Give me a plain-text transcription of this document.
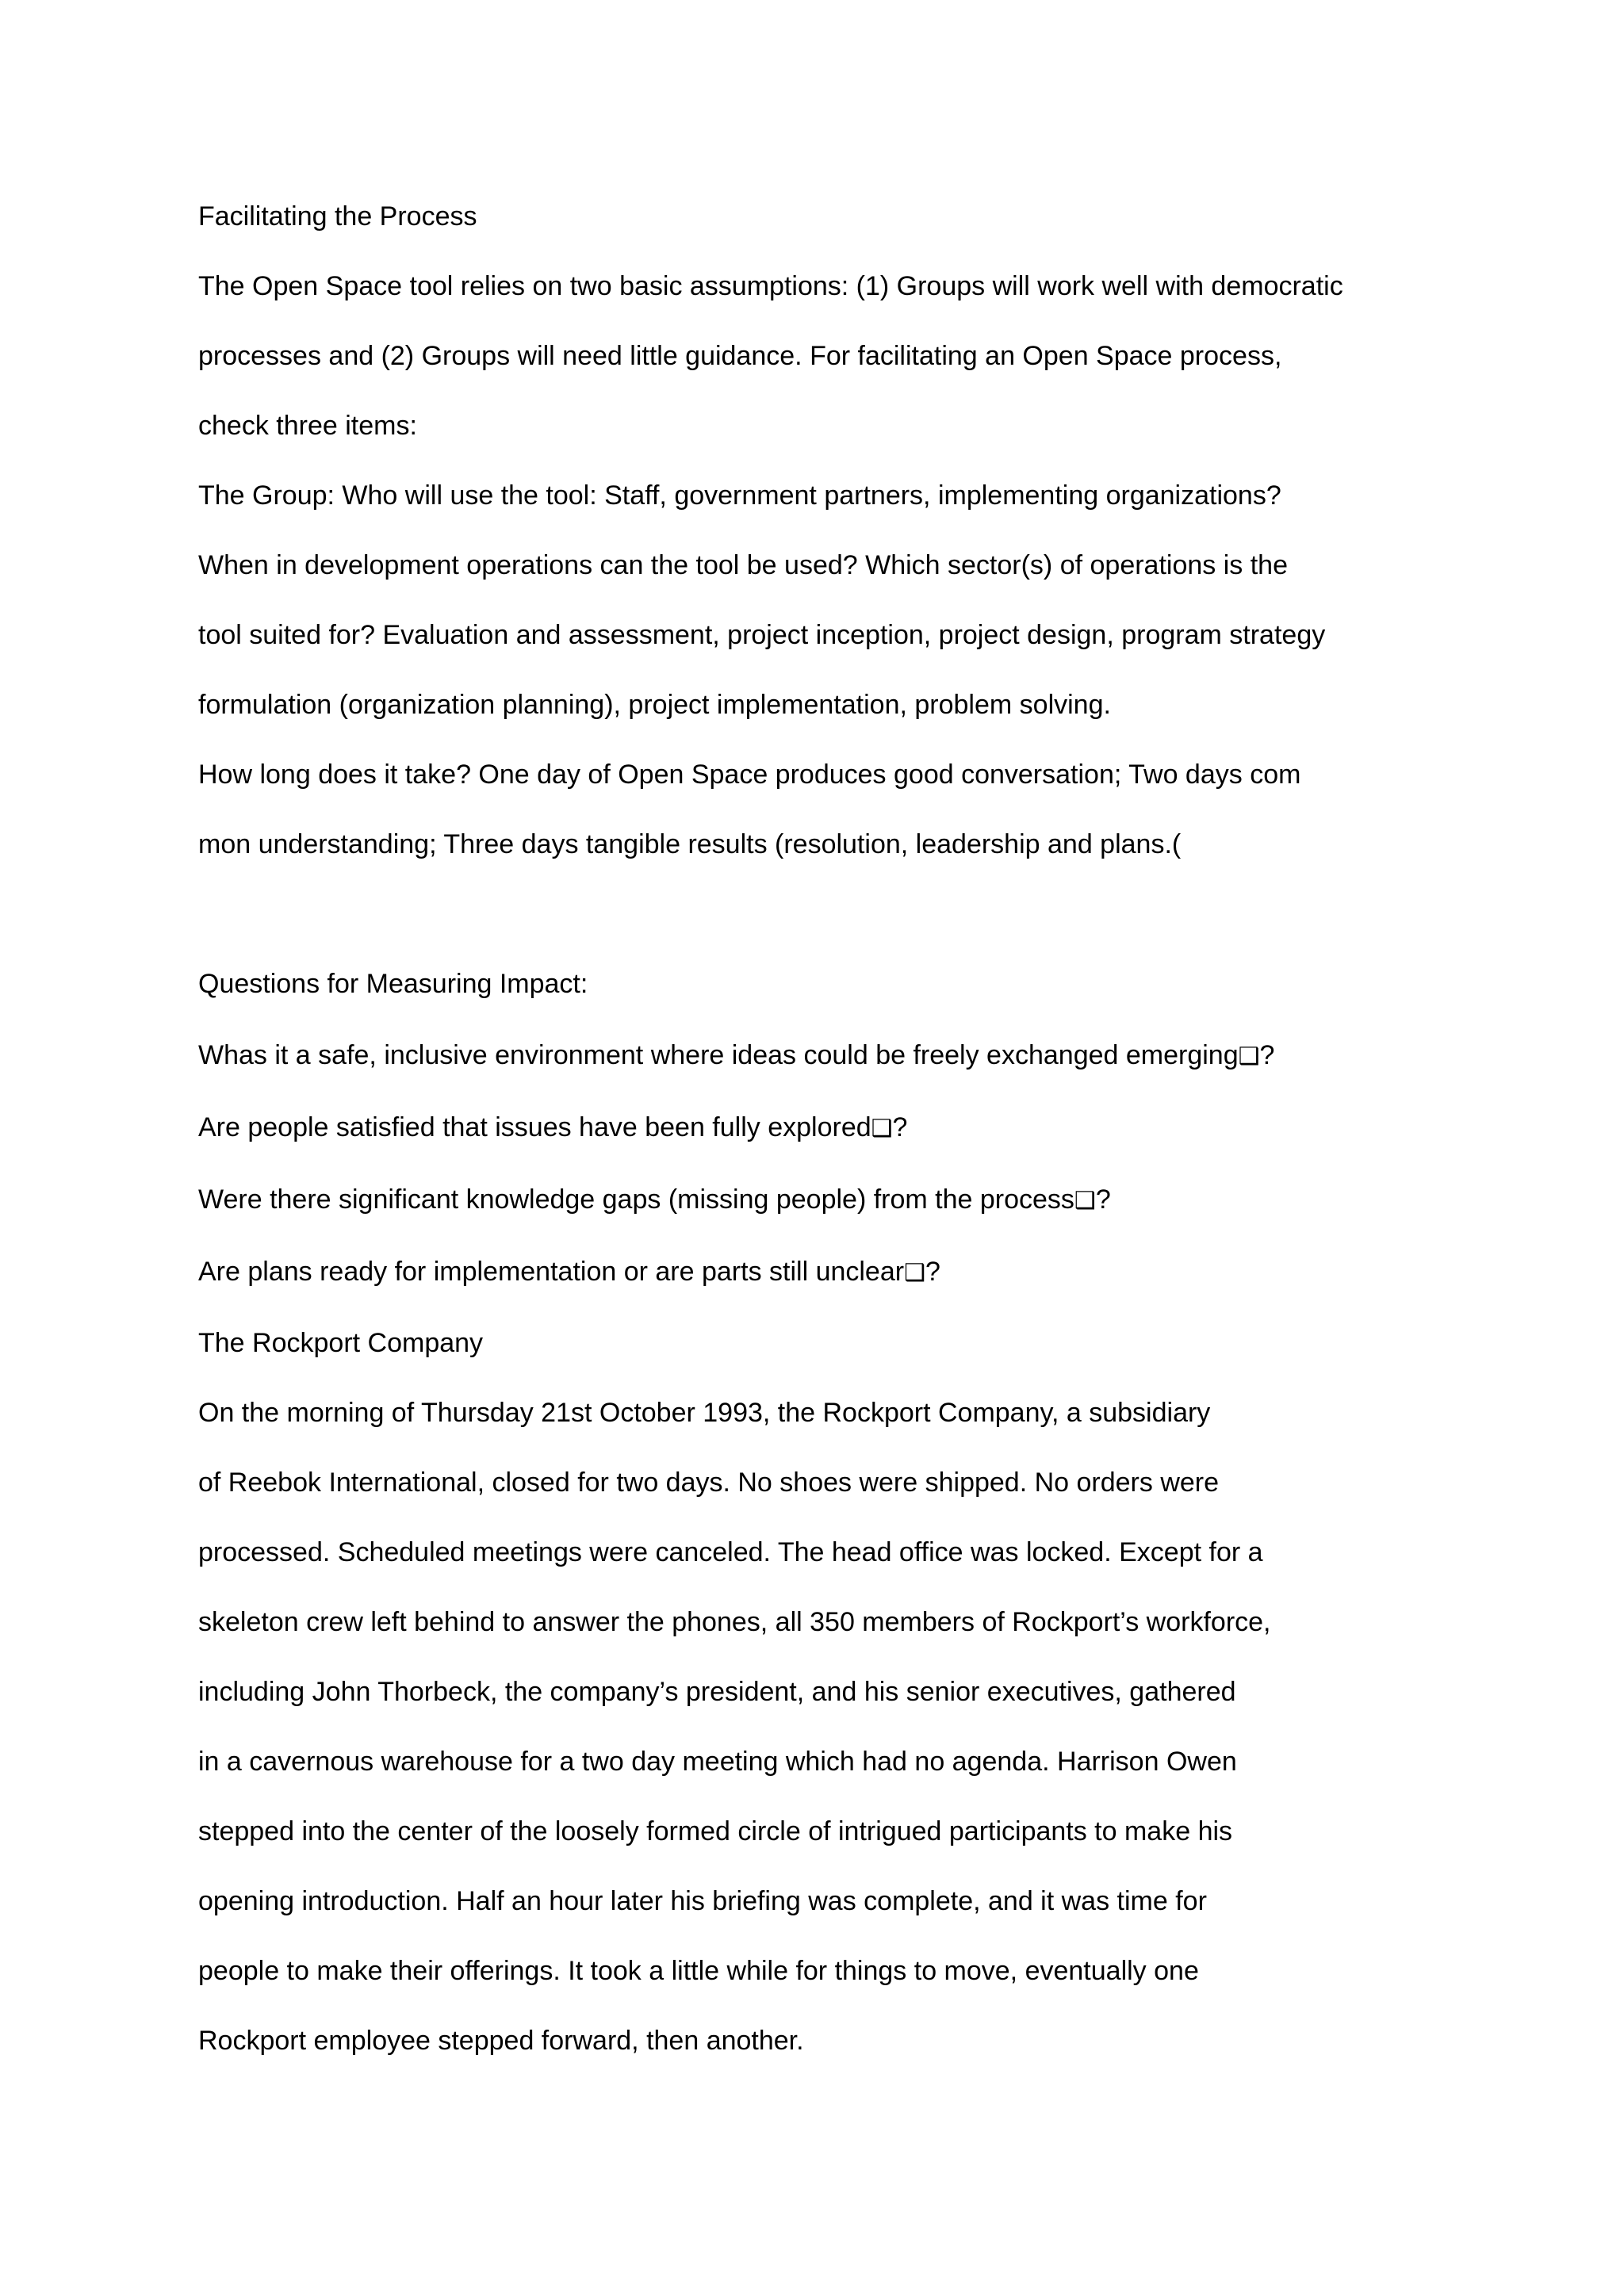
Facilitating the Process
The Open Space tool relies on two basic assumptions: (1) Groups will work well with democratic
processes and (2) Groups will need little guidance. For facilitating an Open Space process,
check three items:
The Group: Who will use the tool: Staff, government partners, implementing organizations?
When in development operations can the tool be used? Which sector(s) of operations is the
tool suited for? Evaluation and assessment, project inception, project design, program strategy
formulation (organization planning), project implementation, problem solving.
How long does it take? One day of Open Space produces good conversation; Two days com
mon understanding; Three days tangible results (resolution, leadership and plans.(
Questions for Measuring Impact:
Whas it a safe, inclusive environment where ideas could be freely exchanged emerging❑?
Are people satisfied that issues have been fully explored❑?
Were there significant knowledge gaps (missing people) from the process❑?
Are plans ready for implementation or are parts still unclear❑?
The Rockport Company
On the morning of Thursday 21st October 1993, the Rockport Company, a subsidiary
of Reebok International, closed for two days. No shoes were shipped. No orders were
processed. Scheduled meetings were canceled. The head office was locked. Except for a
skeleton crew left behind to answer the phones, all 350 members of Rockport’s workforce,
including John Thorbeck, the company’s president, and his senior executives, gathered
in a cavernous warehouse for a two day meeting which had no agenda. Harrison Owen
stepped into the center of the loosely formed circle of intrigued participants to make his
opening introduction. Half an hour later his briefing was complete, and it was time for
people to make their offerings. It took a little while for things to move, eventually one
Rockport employee stepped forward, then another.
